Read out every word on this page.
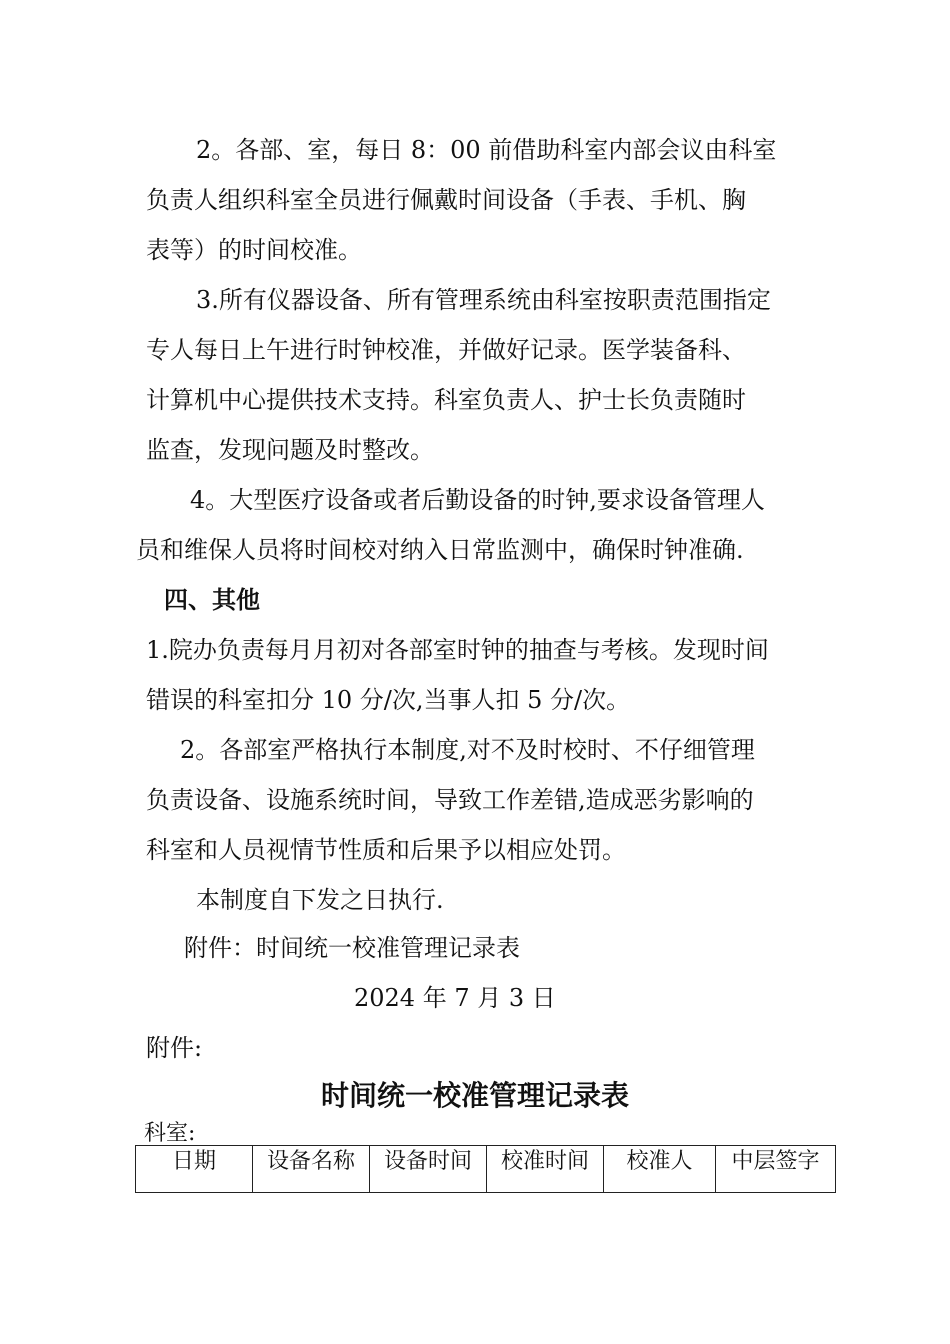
2。各部、室，每日 8：00 前借助科室内部会议由科室
负责人组织科室全员进行佩戴时间设备（手表、手机、胸
表等）的时间校准。
3.所有仪器设备、所有管理系统由科室按职责范围指定
专人每日上午进行时钟校准，并做好记录。医学装备科、
计算机中心提供技术支持。科室负责人、护士长负责随时
监查，发现问题及时整改。
4。大型医疗设备或者后勤设备的时钟,要求设备管理人
员和维保人员将时间校对纳入日常监测中，确保时钟准确.
四、其他
1.院办负责每月月初对各部室时钟的抽查与考核。发现时间
错误的科室扣分 10 分/次,当事人扣 5 分/次。
2。各部室严格执行本制度,对不及时校时、不仔细管理
负责设备、设施系统时间，导致工作差错,造成恶劣影响的
科室和人员视情节性质和后果予以相应处罚。
本制度自下发之日执行.
附件：时间统一校准管理记录表
2024 年 7 月 3 日
附件:
时间统一校准管理记录表
科室:
日期	设备名称	设备时间	校准时间	校准人	中层签字
